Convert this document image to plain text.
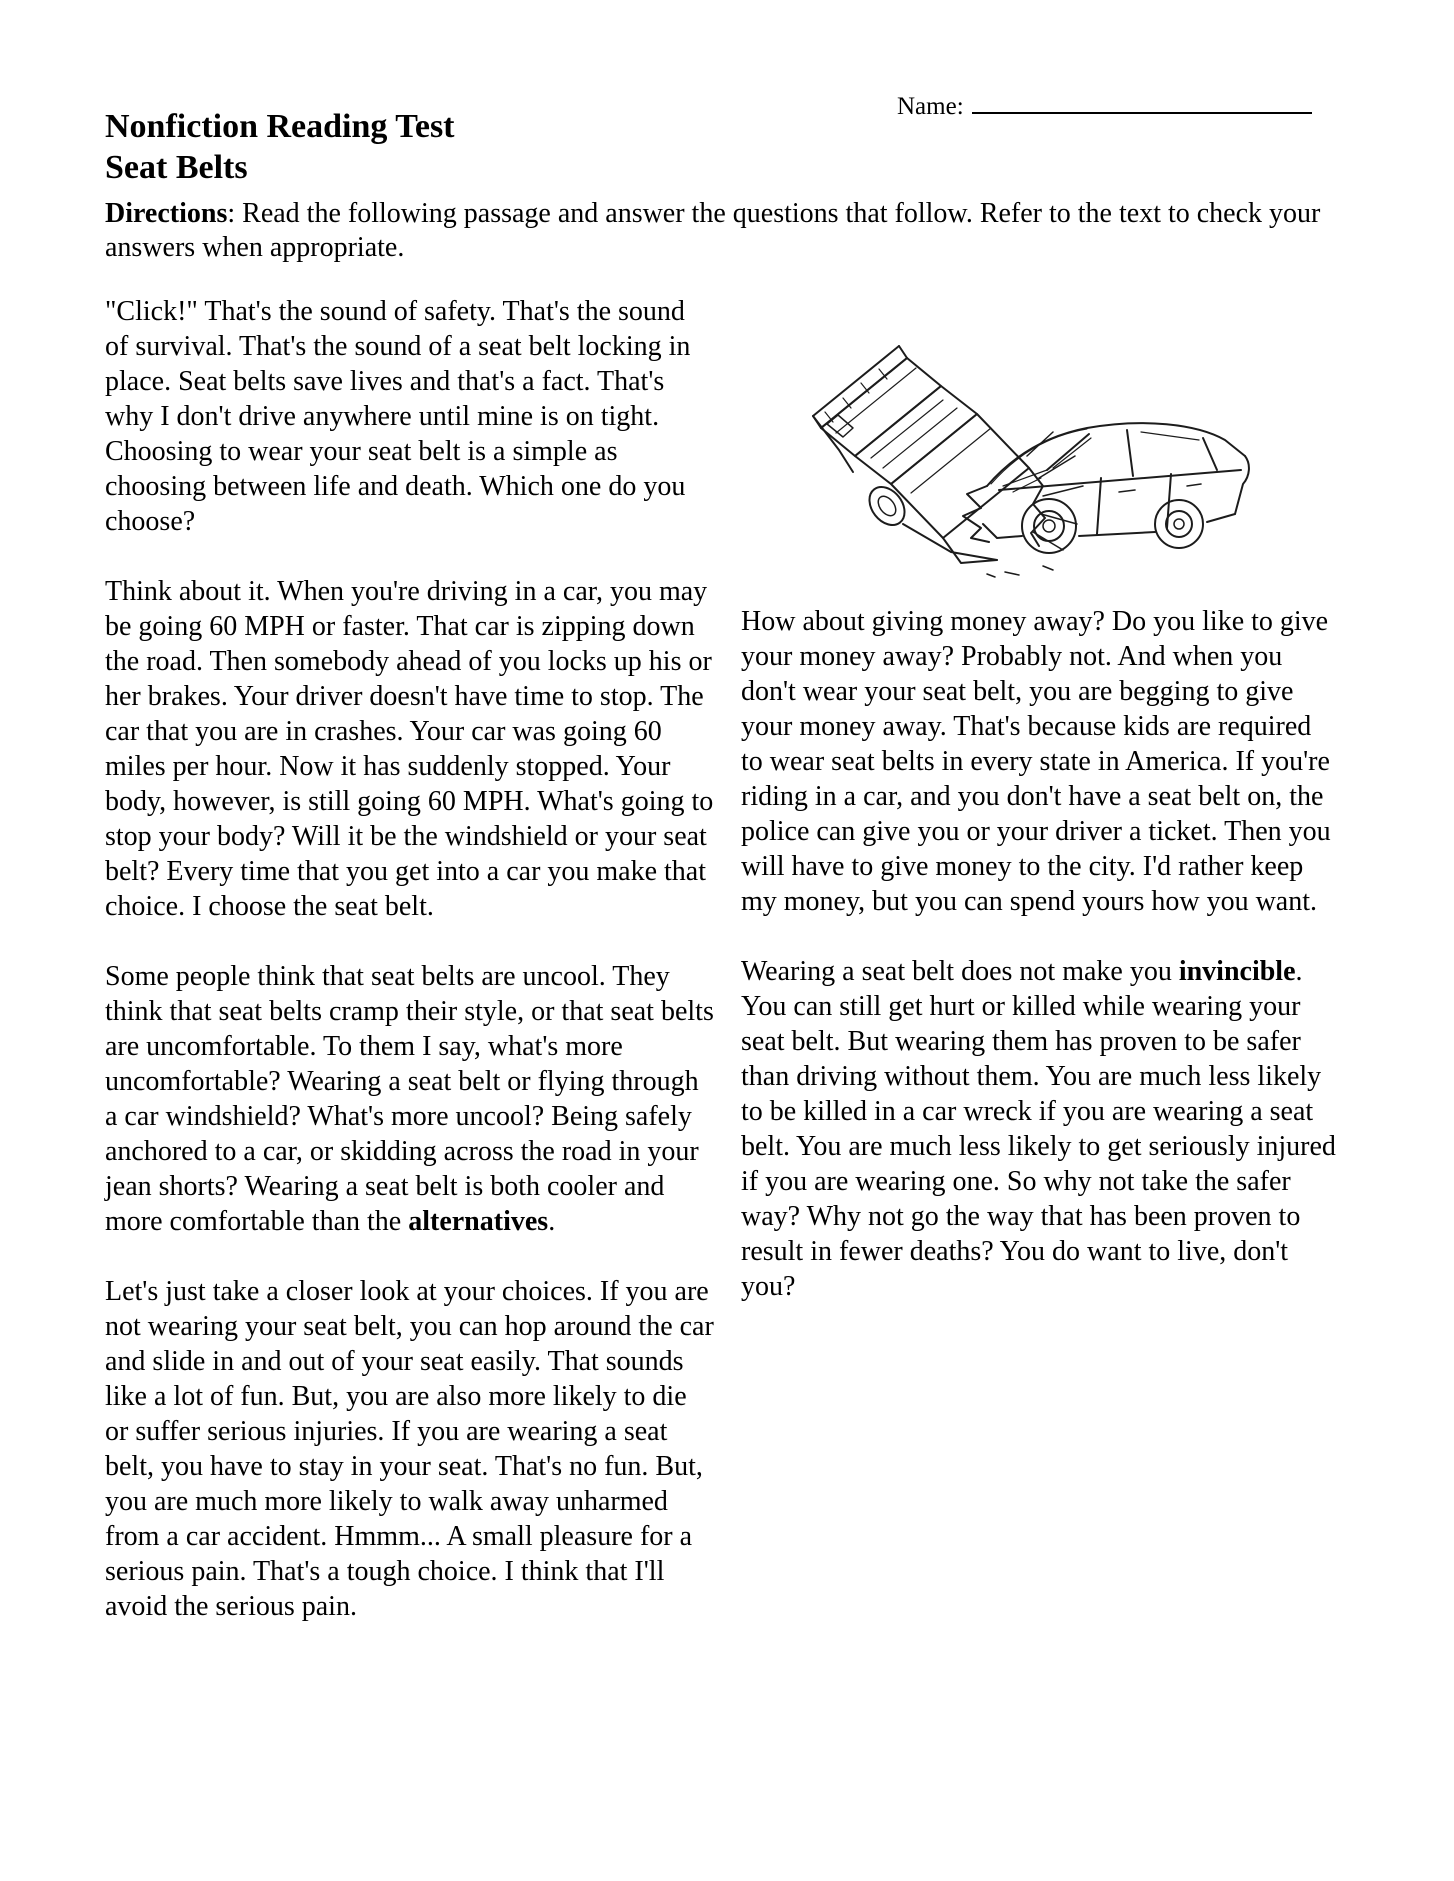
Name:
Nonfiction Reading Test
Seat Belts

Directions: Read the following passage and answer the questions that follow. Refer to the text to check your answers when appropriate.

"Click!" That's the sound of safety. That's the sound of survival. That's the sound of a seat belt locking in place. Seat belts save lives and that's a fact. That's why I don't drive anywhere until mine is on tight. Choosing to wear your seat belt is a simple as choosing between life and death. Which one do you choose?

Think about it. When you're driving in a car, you may be going 60 MPH or faster. That car is zipping down the road. Then somebody ahead of you locks up his or her brakes. Your driver doesn't have time to stop. The car that you are in crashes. Your car was going 60 miles per hour. Now it has suddenly stopped. Your body, however, is still going 60 MPH. What's going to stop your body? Will it be the windshield or your seat belt? Every time that you get into a car you make that choice. I choose the seat belt.

Some people think that seat belts are uncool. They think that seat belts cramp their style, or that seat belts are uncomfortable. To them I say, what's more uncomfortable? Wearing a seat belt or flying through a car windshield? What's more uncool? Being safely anchored to a car, or skidding across the road in your jean shorts? Wearing a seat belt is both cooler and more comfortable than the alternatives.

Let's just take a closer look at your choices. If you are not wearing your seat belt, you can hop around the car and slide in and out of your seat easily. That sounds like a lot of fun. But, you are also more likely to die or suffer serious injuries. If you are wearing a seat belt, you have to stay in your seat. That's no fun. But, you are much more likely to walk away unharmed from a car accident. Hmmm... A small pleasure for a serious pain. That's a tough choice. I think that I'll avoid the serious pain.

How about giving money away? Do you like to give your money away? Probably not. And when you don't wear your seat belt, you are begging to give your money away. That's because kids are required to wear seat belts in every state in America. If you're riding in a car, and you don't have a seat belt on, the police can give you or your driver a ticket. Then you will have to give money to the city. I'd rather keep my money, but you can spend yours how you want.

Wearing a seat belt does not make you invincible. You can still get hurt or killed while wearing your seat belt. But wearing them has proven to be safer than driving without them. You are much less likely to be killed in a car wreck if you are wearing a seat belt. You are much less likely to get seriously injured if you are wearing one. So why not take the safer way? Why not go the way that has been proven to result in fewer deaths? You do want to live, don't you?
